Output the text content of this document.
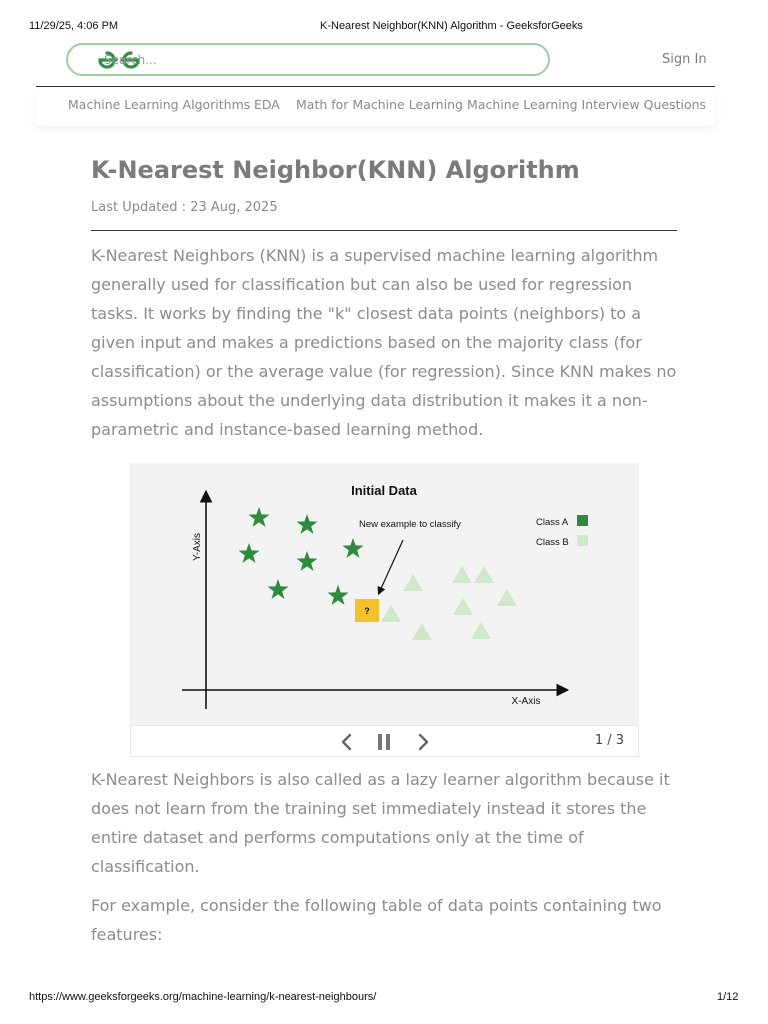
11/29/25, 4:06 PM	K-Nearest Neighbor(KNN) Algorithm - GeeksforGeeks
Search...	Sign In
Machine Learning Algorithms EDA Math for Machine Learning Machine Learning Interview Questions
K-Nearest Neighbor(KNN) Algorithm
Last Updated : 23 Aug, 2025
K-Nearest Neighbors (KNN) is a supervised machine learning algorithm generally used for classification but can also be used for regression tasks. It works by finding the "k" closest data points (neighbors) to a given input and makes a predictions based on the majority class (for classification) or the average value (for regression). Since KNN makes no assumptions about the underlying data distribution it makes it a non-parametric and instance-based learning method.
Initial Data
Y-Axis
X-Axis
?
New example to classify	Class A
Class B
1 / 3
K-Nearest Neighbors is also called as a lazy learner algorithm because it does not learn from the training set immediately instead it stores the entire dataset and performs computations only at the time of classification.
For example, consider the following table of data points containing two features:
https://www.geeksforgeeks.org/machine-learning/k-nearest-neighbours/	1/12
